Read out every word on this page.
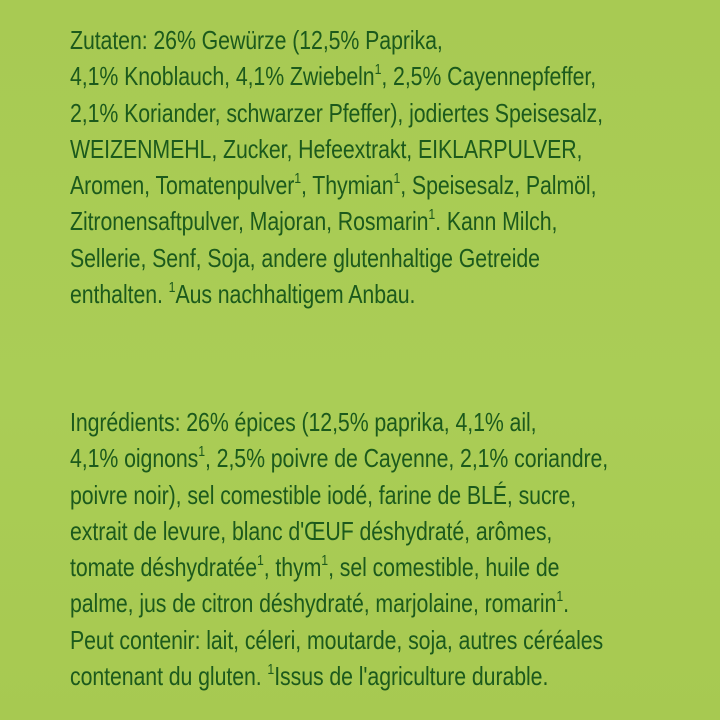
Zutaten: 26% Gewürze (12,5% Paprika,
4,1% Knoblauch, 4,1% Zwiebeln$^1$, 2,5% Cayennepfeffer,
2,1% Koriander, schwarzer Pfeffer), jodiertes Speisesalz,
WEIZENMEHL, Zucker, Hefeextrakt, EIKLARPULVER,
Aromen, Tomatenpulver$^1$, Thymian$^1$, Speisesalz, Palmöl,
Zitronensaftpulver, Majoran, Rosmarin$^1$. Kann Milch,
Sellerie, Senf, Soja, andere glutenhaltige Getreide
enthalten. $^1$Aus nachhaltigem Anbau.
Ingrédients: 26% épices (12,5% paprika, 4,1% ail,
4,1% oignons$^1$, 2,5% poivre de Cayenne, 2,1% coriandre,
poivre noir), sel comestible iodé, farine de BLÉ, sucre,
extrait de levure, blanc d'ŒUF déshydraté, arômes,
tomate déshydratée$^1$, thym$^1$, sel comestible, huile de
palme, jus de citron déshydraté, marjolaine, romarin$^1$.
Peut contenir: lait, céleri, moutarde, soja, autres céréales
contenant du gluten. $^1$Issus de l'agriculture durable.
